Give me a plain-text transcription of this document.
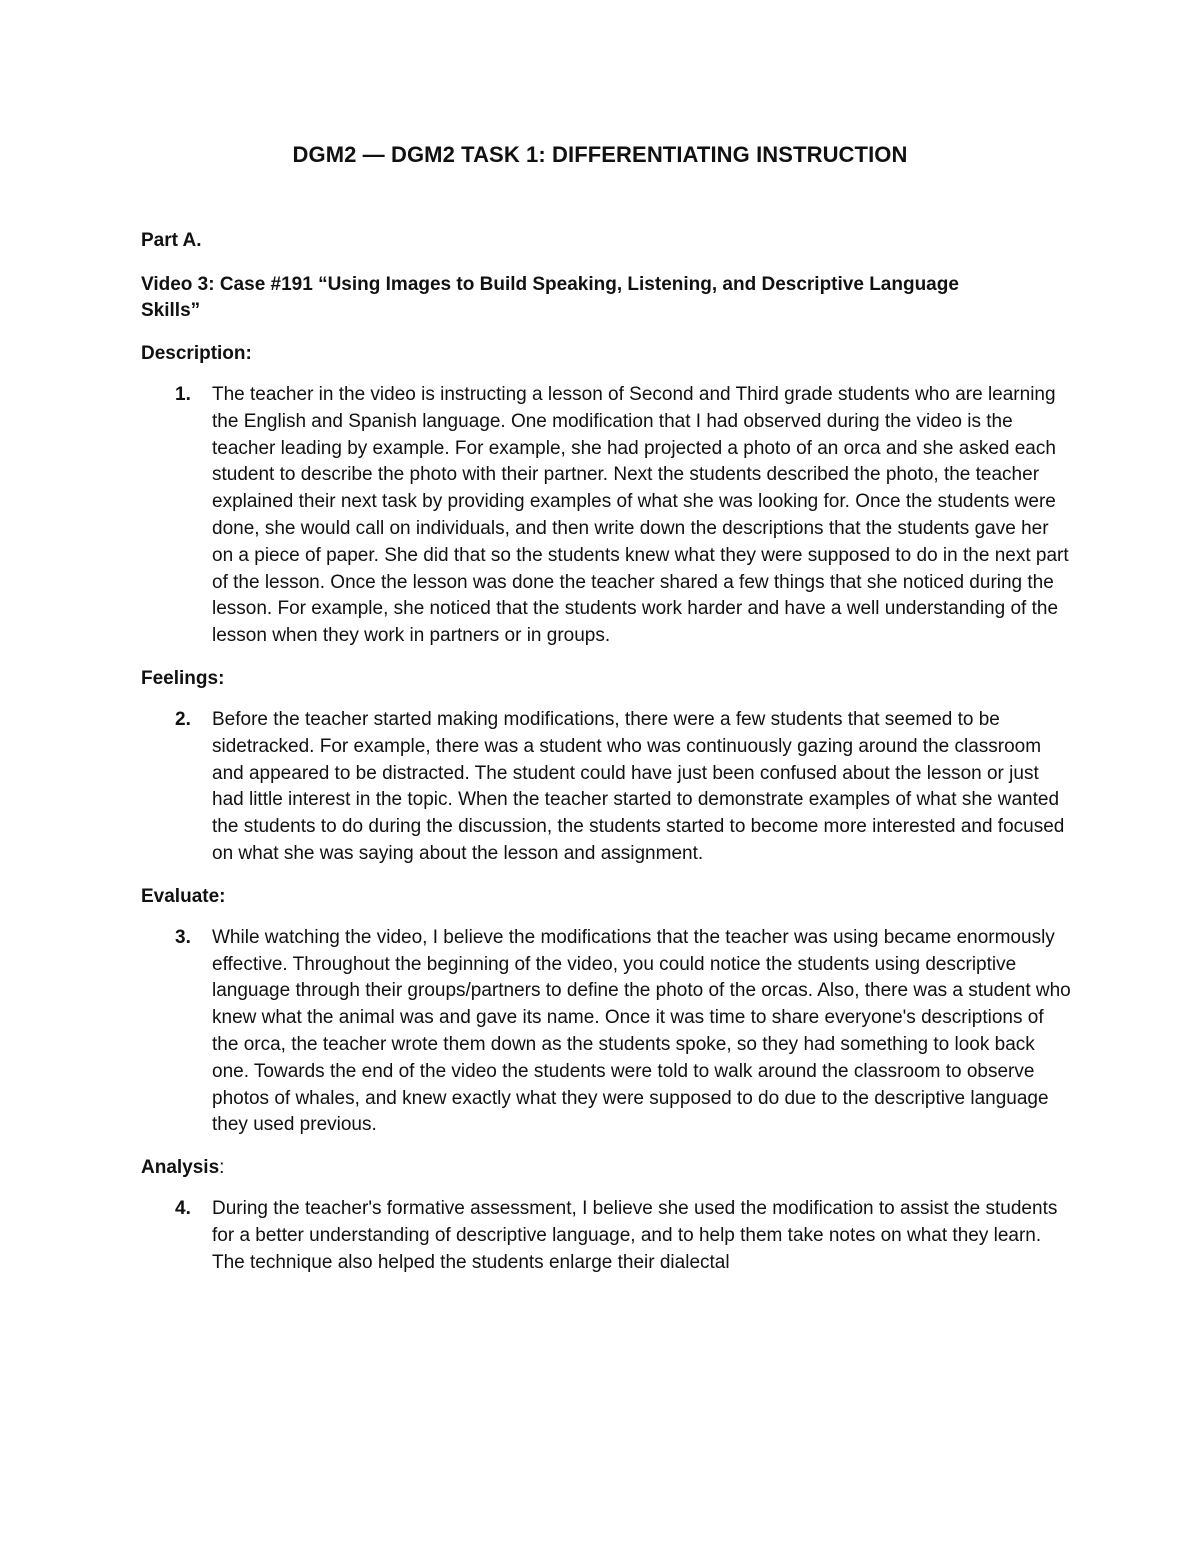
DGM2 — DGM2 TASK 1: DIFFERENTIATING INSTRUCTION
Part A.
Video 3: Case #191 “Using Images to Build Speaking, Listening, and Descriptive Language Skills”
Description:
1. The teacher in the video is instructing a lesson of Second and Third grade students who are learning the English and Spanish language. One modification that I had observed during the video is the teacher leading by example. For example, she had projected a photo of an orca and she asked each student to describe the photo with their partner. Next the students described the photo, the teacher explained their next task by providing examples of what she was looking for. Once the students were done, she would call on individuals, and then write down the descriptions that the students gave her on a piece of paper. She did that so the students knew what they were supposed to do in the next part of the lesson. Once the lesson was done the teacher shared a few things that she noticed during the lesson. For example, she noticed that the students work harder and have a well understanding of the lesson when they work in partners or in groups.
Feelings:
2. Before the teacher started making modifications, there were a few students that seemed to be sidetracked. For example, there was a student who was continuously gazing around the classroom and appeared to be distracted. The student could have just been confused about the lesson or just had little interest in the topic. When the teacher started to demonstrate examples of what she wanted the students to do during the discussion, the students started to become more interested and focused on what she was saying about the lesson and assignment.
Evaluate:
3. While watching the video, I believe the modifications that the teacher was using became enormously effective. Throughout the beginning of the video, you could notice the students using descriptive language through their groups/partners to define the photo of the orcas. Also, there was a student who knew what the animal was and gave its name. Once it was time to share everyone's descriptions of the orca, the teacher wrote them down as the students spoke, so they had something to look back one. Towards the end of the video the students were told to walk around the classroom to observe photos of whales, and knew exactly what they were supposed to do due to the descriptive language they used previous.
Analysis:
4. During the teacher's formative assessment, I believe she used the modification to assist the students for a better understanding of descriptive language, and to help them take notes on what they learn. The technique also helped the students enlarge their dialectal
